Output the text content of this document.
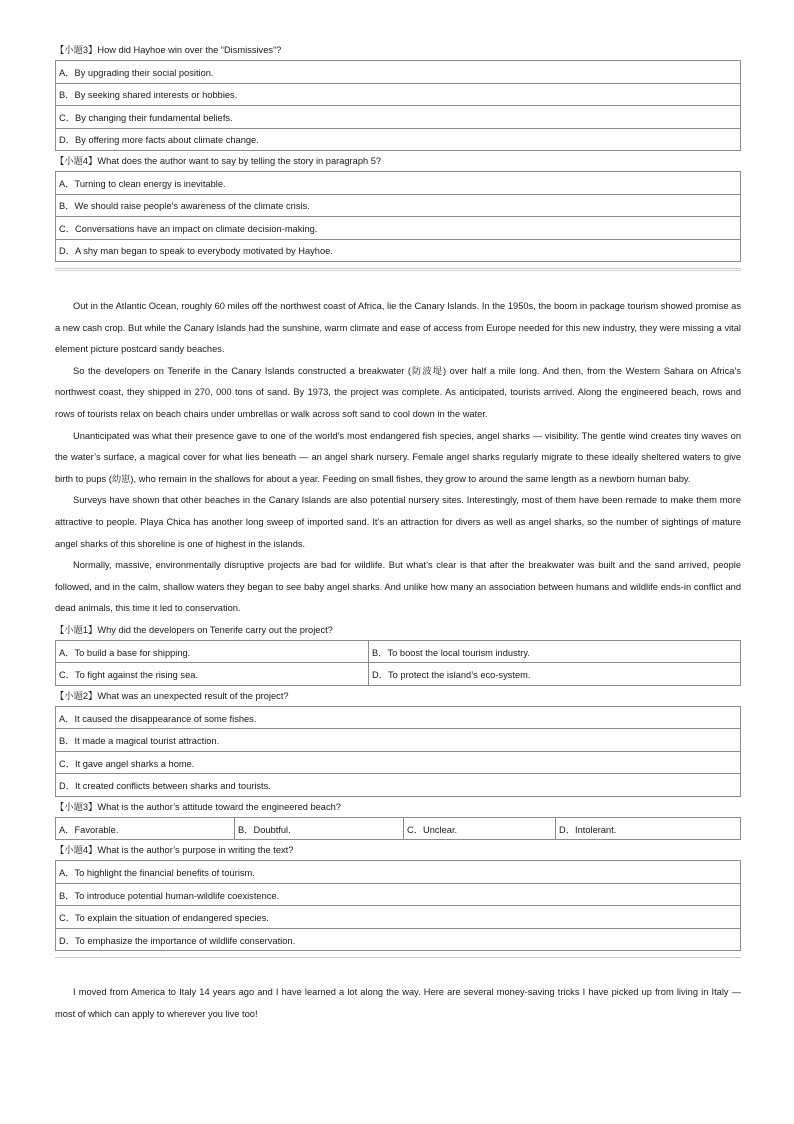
【小题3】How did Hayhoe win over the “Dismissives”?
A．By upgrading their social position.
B．By seeking shared interests or hobbies.
C．By changing their fundamental beliefs.
D．By offering more facts about climate change.
【小题4】What does the author want to say by telling the story in paragraph 5?
A．Turning to clean energy is inevitable.
B．We should raise people’s awareness of the climate crisis.
C．Conversations have an impact on climate decision-making.
D．A shy man began to speak to everybody motivated by Hayhoe.

Out in the Atlantic Ocean, roughly 60 miles off the northwest coast of Africa, lie the Canary Islands. In the 1950s, the boom in package tourism showed promise as a new cash crop. But while the Canary Islands had the sunshine, warm climate and ease of access from Europe needed for this new industry, they were missing a vital element picture postcard sandy beaches.

So the developers on Tenerife in the Canary Islands constructed a breakwater (防波堤) over half a mile long. And then, from the Western Sahara on Africa’s northwest coast, they shipped in 270, 000 tons of sand. By 1973, the project was complete. As anticipated, tourists arrived. Along the engineered beach, rows and rows of tourists relax on beach chairs under umbrellas or walk across soft sand to cool down in the water.

Unanticipated was what their presence gave to one of the world’s most endangered fish species, angel sharks — visibility. The gentle wind creates tiny waves on the water’s surface, a magical cover for what lies beneath — an angel shark nursery. Female angel sharks regularly migrate to these ideally sheltered waters to give birth to pups (幼崽), who remain in the shallows for about a year. Feeding on small fishes, they grow to around the same length as a newborn human baby.

Surveys have shown that other beaches in the Canary Islands are also potential nursery sites. Interestingly, most of them have been remade to make them more attractive to people. Playa Chica has another long sweep of imported sand. It’s an attraction for divers as well as angel sharks, so the number of sightings of mature angel sharks of this shoreline is one of highest in the islands.

Normally, massive, environmentally disruptive projects are bad for wildlife. But what’s clear is that after the breakwater was built and the sand arrived, people followed, and in the calm, shallow waters they began to see baby angel sharks. And unlike how many an association between humans and wildlife ends-in conflict and dead animals, this time it led to conservation.

【小题1】Why did the developers on Tenerife carry out the project?
A．To build a base for shipping.	B．To boost the local tourism industry.
C．To fight against the rising sea.	D．To protect the island’s eco-system.
【小题2】What was an unexpected result of the project?
A．It caused the disappearance of some fishes.
B．It made a magical tourist attraction.
C．It gave angel sharks a home.
D．It created conflicts between sharks and tourists.
【小题3】What is the author’s attitude toward the engineered beach?
A．Favorable.	B．Doubtful.	C．Unclear.	D．Intolerant.
【小题4】What is the author’s purpose in writing the text?
A．To highlight the financial benefits of tourism.
B．To introduce potential human-wildlife coexistence.
C．To explain the situation of endangered species.
D．To emphasize the importance of wildlife conservation.

I moved from America to Italy 14 years ago and I have learned a lot along the way. Here are several money-saving tricks I have picked up from living in Italy — most of which can apply to wherever you live too!
